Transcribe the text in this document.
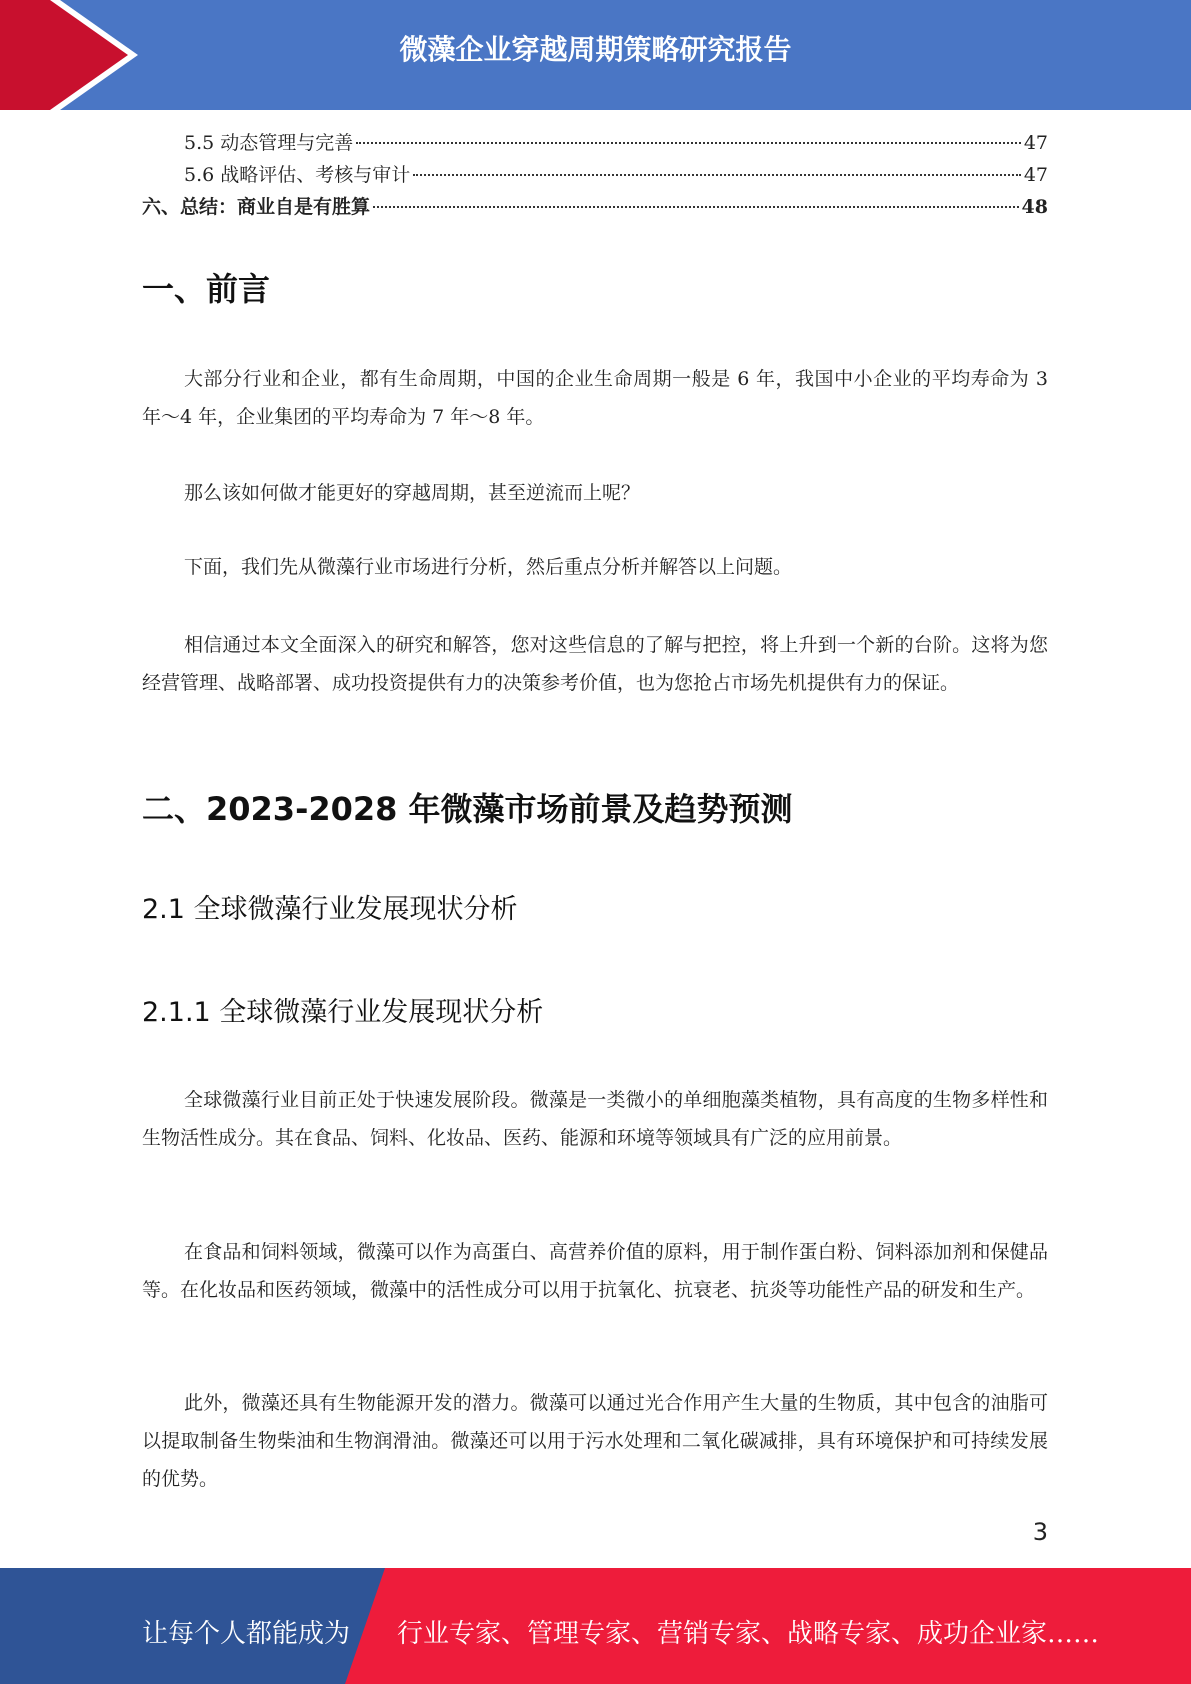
微藻企业穿越周期策略研究报告
5.5 动态管理与完善	47
5.6 战略评估、考核与审计	47
六、总结：商业自是有胜算	48
一、前言

大部分行业和企业，都有生命周期，中国的企业生命周期一般是 6 年，我国中小企业的平均寿命为 3 年～4 年，企业集团的平均寿命为 7 年～8 年。

那么该如何做才能更好的穿越周期，甚至逆流而上呢？

下面，我们先从微藻行业市场进行分析，然后重点分析并解答以上问题。

相信通过本文全面深入的研究和解答，您对这些信息的了解与把控，将上升到一个新的台阶。这将为您经营管理、战略部署、成功投资提供有力的决策参考价值，也为您抢占市场先机提供有力的保证。

二、2023-2028 年微藻市场前景及趋势预测
2.1 全球微藻行业发展现状分析
2.1.1 全球微藻行业发展现状分析

全球微藻行业目前正处于快速发展阶段。微藻是一类微小的单细胞藻类植物，具有高度的生物多样性和生物活性成分。其在食品、饲料、化妆品、医药、能源和环境等领域具有广泛的应用前景。

在食品和饲料领域，微藻可以作为高蛋白、高营养价值的原料，用于制作蛋白粉、饲料添加剂和保健品等。在化妆品和医药领域，微藻中的活性成分可以用于抗氧化、抗衰老、抗炎等功能性产品的研发和生产。

此外，微藻还具有生物能源开发的潜力。微藻可以通过光合作用产生大量的生物质，其中包含的油脂可以提取制备生物柴油和生物润滑油。微藻还可以用于污水处理和二氧化碳减排，具有环境保护和可持续发展的优势。

3
让每个人都能成为 行业专家、管理专家、营销专家、战略专家、成功企业家……
